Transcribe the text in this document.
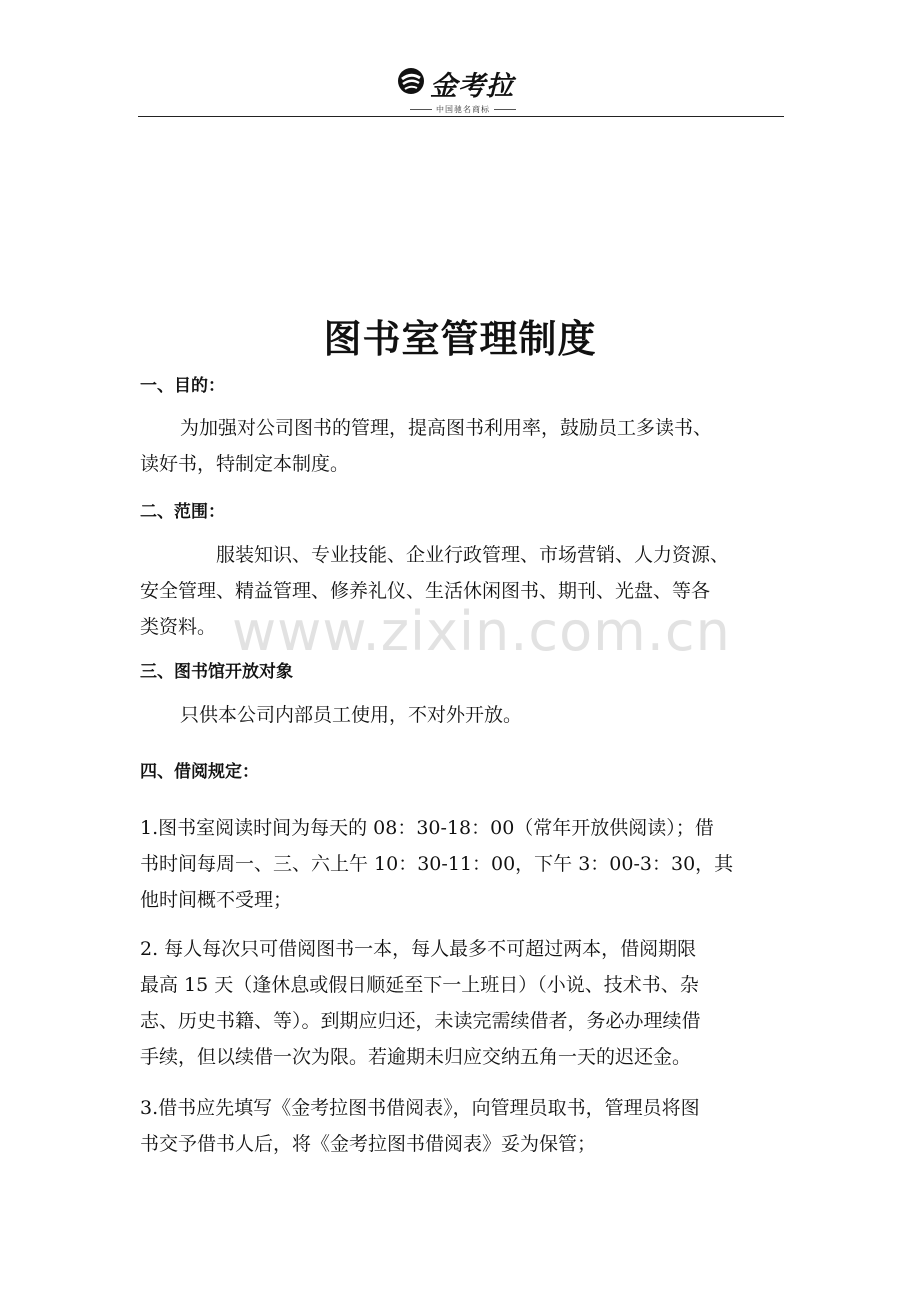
金考拉
中国驰名商标
图书室管理制度
一、目的：
为加强对公司图书的管理，提高图书利用率，鼓励员工多读书、
读好书，特制定本制度。
二、范围：
服装知识、专业技能、企业行政管理、市场营销、人力资源、
安全管理、精益管理、修养礼仪、生活休闲图书、期刊、光盘、等各
类资料。 www.zixin.com.cn
三、图书馆开放对象
只供本公司内部员工使用，不对外开放。
四、借阅规定：
1.图书室阅读时间为每天的 08：30-18：00（常年开放供阅读）；借
书时间每周一、三、六上午 10：30-11：00，下午 3：00-3：30，其
他时间概不受理；
2. 每人每次只可借阅图书一本，每人最多不可超过两本，借阅期限
最高 15 天（逢休息或假日顺延至下一上班日）（小说、技术书、杂
志、历史书籍、等）。到期应归还，未读完需续借者，务必办理续借
手续，但以续借一次为限。若逾期未归应交纳五角一天的迟还金。
3.借书应先填写《金考拉图书借阅表》，向管理员取书，管理员将图
书交予借书人后，将《金考拉图书借阅表》妥为保管；
